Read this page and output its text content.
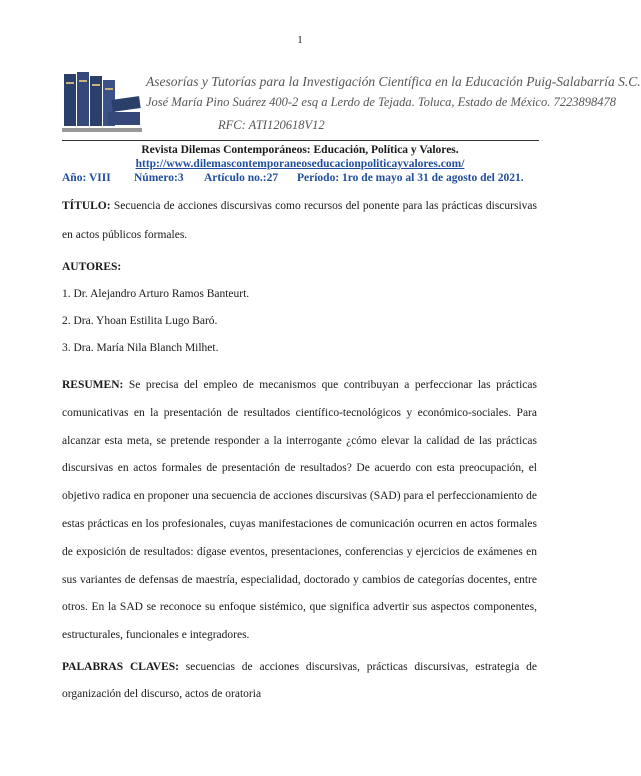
1
Asesorías y Tutorías para la Investigación Científica en la Educación Puig-Salabarría S.C.
José María Pino Suárez 400-2 esq a Lerdo de Tejada. Toluca, Estado de México. 7223898478
RFC: ATI120618V12
Revista Dilemas Contemporáneos: Educación, Política y Valores.
http://www.dilemascontemporaneoseducacionpoliticayvalores.com/
Año: VIII Número:3 Artículo no.:27 Período: 1ro de mayo al 31 de agosto del 2021.
TÍTULO: Secuencia de acciones discursivas como recursos del ponente para las prácticas discursivas en actos públicos formales.
AUTORES:
1. Dr. Alejandro Arturo Ramos Banteurt.
2. Dra. Yhoan Estilita Lugo Baró.
3. Dra. María Nila Blanch Milhet.
RESUMEN: Se precisa del empleo de mecanismos que contribuyan a perfeccionar las prácticas comunicativas en la presentación de resultados científico-tecnológicos y económico-sociales. Para alcanzar esta meta, se pretende responder a la interrogante ¿cómo elevar la calidad de las prácticas discursivas en actos formales de presentación de resultados? De acuerdo con esta preocupación, el objetivo radica en proponer una secuencia de acciones discursivas (SAD) para el perfeccionamiento de estas prácticas en los profesionales, cuyas manifestaciones de comunicación ocurren en actos formales de exposición de resultados: dígase eventos, presentaciones, conferencias y ejercicios de exámenes en sus variantes de defensas de maestría, especialidad, doctorado y cambios de categorías docentes, entre otros. En la SAD se reconoce su enfoque sistémico, que significa advertir sus aspectos componentes, estructurales, funcionales e integradores.
PALABRAS CLAVES: secuencias de acciones discursivas, prácticas discursivas, estrategia de organización del discurso, actos de oratoria
